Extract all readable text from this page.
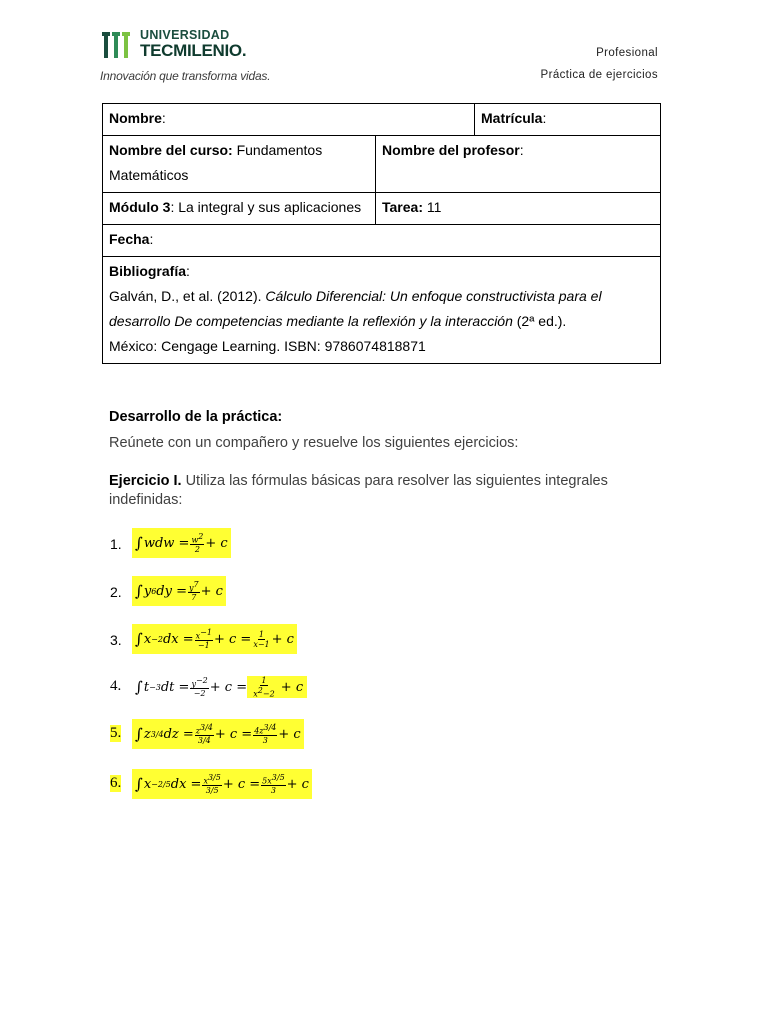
UNIVERSIDAD
TECMILENIO.
Innovación que transforma vidas.
Profesional
Práctica de ejercicios
Nombre:		Matrícula:
Nombre del curso: Fundamentos Matemáticos	Nombre del profesor:	
Módulo 3: La integral y sus aplicaciones	Tarea: 11	
Fecha:		
Bibliografía:
Galván, D., et al. (2012). Cálculo Diferencial: Un enfoque constructivista para el desarrollo De competencias mediante la reflexión y la interacción (2ª ed.).
México: Cengage Learning. ISBN: 9786074818871		
Desarrollo de la práctica:
Reúnete con un compañero y resuelve los siguientes ejercicios:
Ejercicio I. Utiliza las fórmulas básicas para resolver las siguientes integrales indefinidas:
1. ∫ wdw = $\frac{w^2}{2} + c$
2. ∫ y 6 dy = $\frac{y^7}{7} + c$
3. ∫ x −2 dx = $\frac{x^{-1}}{-1} + c = \frac{1}{x-1} + c$
4. ∫ t −3 dt = $\frac{y^{-2}}{-2} + c$ =
$\frac{1}{x^2-2} + c$
5. ∫ z 3/4 dz = $\frac{z^{3/4}}{3/4} + c = \frac{4z^{3/4}}{3} + c$
6. ∫ x −2/5 dx = $\frac{x^{3/5}}{3/5} + c = \frac{5x^{3/5}}{3} + c$
